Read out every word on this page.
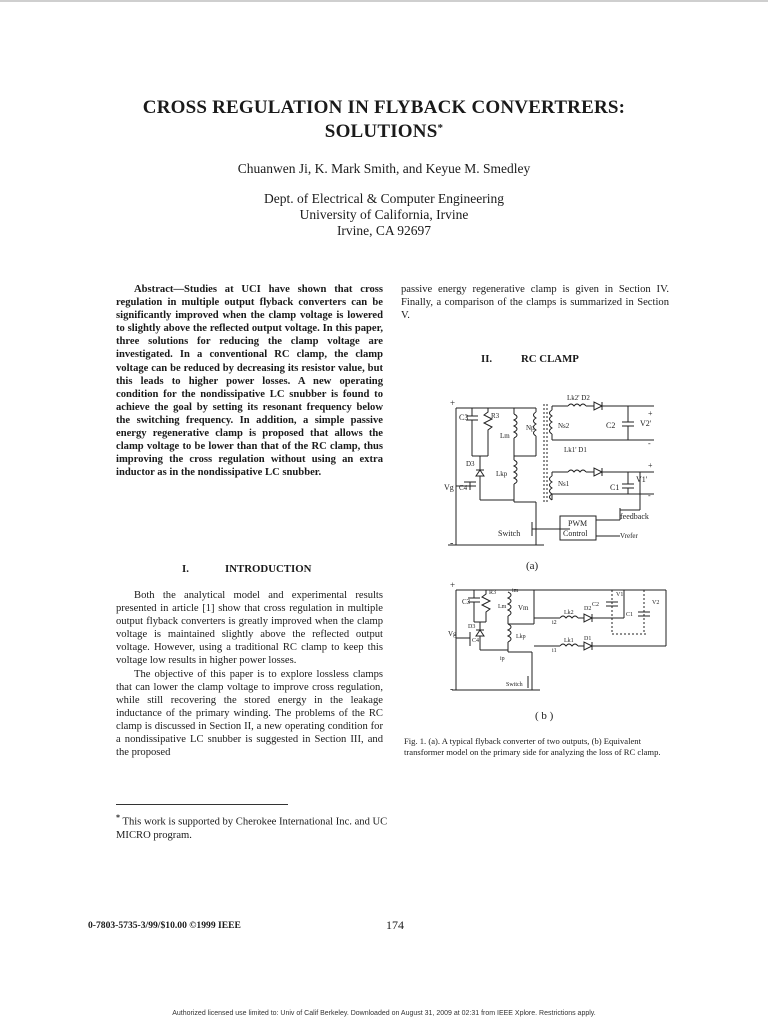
CROSS REGULATION IN FLYBACK CONVERTRERS:
SOLUTIONS*
Chuanwen Ji, K. Mark Smith, and Keyue M. Smedley
Dept. of Electrical & Computer Engineering
University of California, Irvine
Irvine, CA 92697

Abstract—Studies at UCI have shown that cross regulation in multiple output flyback converters can be significantly improved when the clamp voltage is lowered to slightly above the reflected output voltage. In this paper, three solutions for reducing the clamp voltage are investigated. In a conventional RC clamp, the clamp voltage can be reduced by decreasing its resistor value, but this leads to higher power losses. A new operating condition for the nondissipative LC snubber is found to achieve the goal by setting its resonant frequency below the switching frequency. In addition, a simple passive energy regenerative clamp is proposed that allows the clamp voltage to be lower than that of the RC clamp, thus improving the cross regulation without using an extra inductor as in the nondissipative LC snubber.

I.	INTRODUCTION

Both the analytical model and experimental results presented in article [1] show that cross regulation in multiple output flyback converters is greatly improved when the clamp voltage is maintained slightly above the reflected output voltage. However, using a traditional RC clamp to keep this voltage low results in higher power losses.

The objective of this paper is to explore lossless clamps that can lower the clamp voltage to improve cross regulation, while still recovering the stored energy in the leakage inductance of the primary winding. The problems of the RC clamp is discussed in Section II, a new operating condition for a nondissipative LC snubber is suggested in Section III, and the proposed

* This work is supported by Cherokee International Inc. and UC MICRO program.
passive energy regenerative clamp is given in Section IV. Finally, a comparison of the clamps is summarized in Section V.
II.	RC CLAMP
+
-
C3	R3
Lm
Np
D3
Lkp
Vg C4
Switch
PWM
Control
feedback
Vrefer
Lk2' D2
Ns2	C2	V2'
+
-
Lk1' D1
Ns1	C1
V1'
+
-
(a)
+
-
C3
R3	im
Lm Vm
D3
Vg
C4
Lkp
ip
Switch
i2
Lk2
D2
i1
Lk1 D1
C2	V2
C1
V1
( b )
Fig. 1. (a). A typical flyback converter of two outputs, (b) Equivalent transformer model on the primary side for analyzing the loss of RC clamp.
0-7803-5735-3/99/$10.00 ©1999 IEEE	174
Authorized licensed use limited to: Univ of Calif Berkeley. Downloaded on August 31, 2009 at 02:31 from IEEE Xplore. Restrictions apply.
